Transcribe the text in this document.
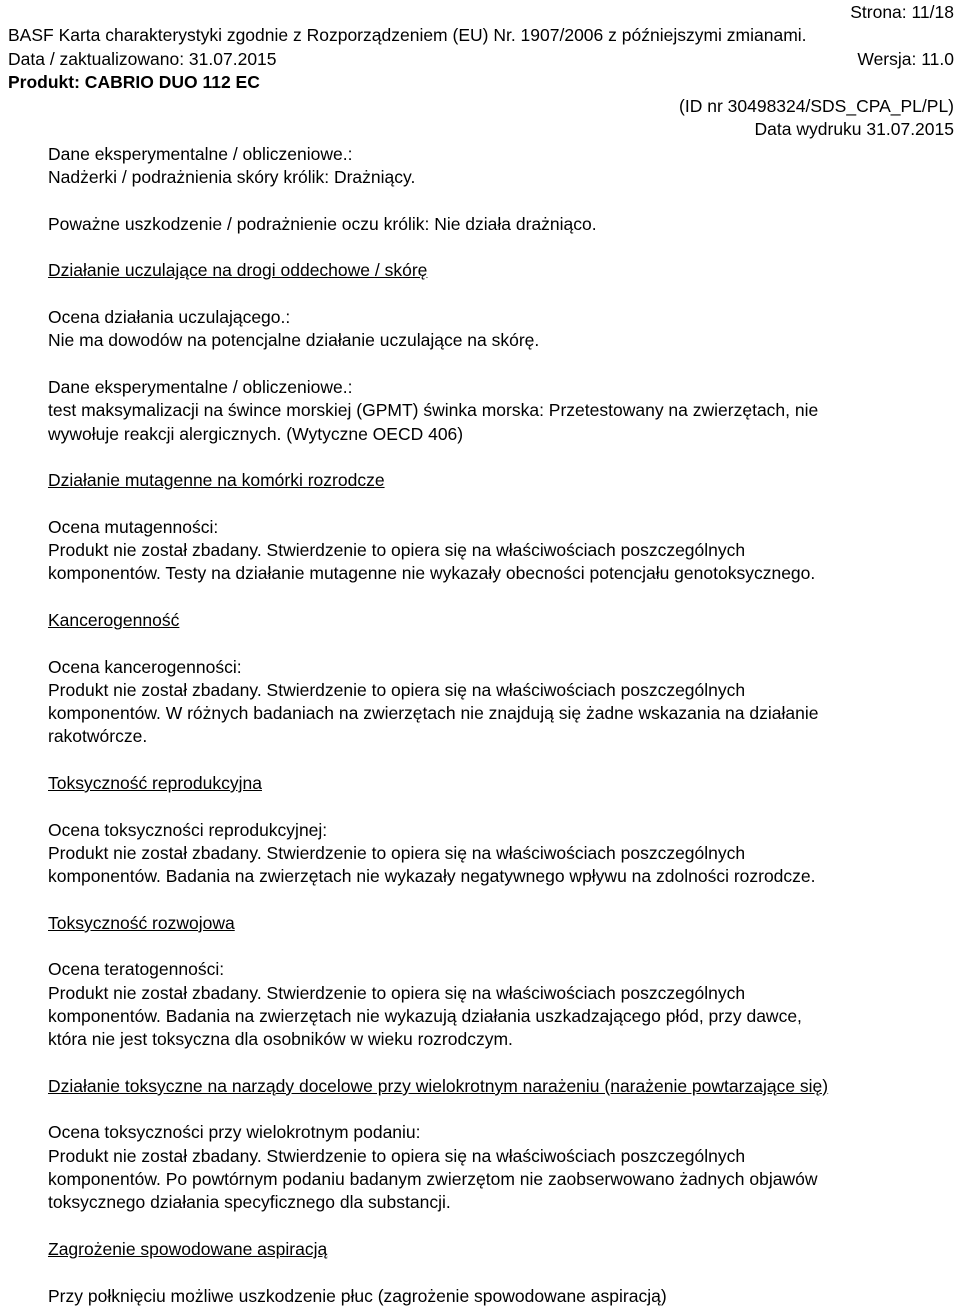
Strona: 11/18
BASF Karta charakterystyki zgodnie z Rozporządzeniem (EU) Nr. 1907/2006 z późniejszymi zmianami.
Data / zaktualizowano: 31.07.2015	Wersja: 11.0
Produkt: CABRIO DUO 112 EC
(ID nr 30498324/SDS_CPA_PL/PL)
Data wydruku 31.07.2015
Dane eksperymentalne / obliczeniowe.:
Nadżerki / podrażnienia skóry królik: Drażniący.
Poważne uszkodzenie / podrażnienie oczu królik: Nie działa drażniąco.
Działanie uczulające na drogi oddechowe / skórę
Ocena działania uczulającego.:
Nie ma dowodów na potencjalne działanie uczulające na skórę.
Dane eksperymentalne / obliczeniowe.:
test maksymalizacji na śwince morskiej (GPMT) świnka morska: Przetestowany na zwierzętach, nie
wywołuje reakcji alergicznych. (Wytyczne OECD 406)
Działanie mutagenne na komórki rozrodcze
Ocena mutagenności:
Produkt nie został zbadany. Stwierdzenie to opiera się na właściwościach poszczególnych
komponentów. Testy na działanie mutagenne nie wykazały obecności potencjału genotoksycznego.
Kancerogenność
Ocena kancerogenności:
Produkt nie został zbadany. Stwierdzenie to opiera się na właściwościach poszczególnych
komponentów. W różnych badaniach na zwierzętach nie znajdują się żadne wskazania na działanie
rakotwórcze.
Toksyczność reprodukcyjna
Ocena toksyczności reprodukcyjnej:
Produkt nie został zbadany. Stwierdzenie to opiera się na właściwościach poszczególnych
komponentów. Badania na zwierzętach nie wykazały negatywnego wpływu na zdolności rozrodcze.
Toksyczność rozwojowa
Ocena teratogenności:
Produkt nie został zbadany. Stwierdzenie to opiera się na właściwościach poszczególnych
komponentów. Badania na zwierzętach nie wykazują działania uszkadzającego płód, przy dawce,
która nie jest toksyczna dla osobników w wieku rozrodczym.
Działanie toksyczne na narządy docelowe przy wielokrotnym narażeniu (narażenie powtarzające się)
Ocena toksyczności przy wielokrotnym podaniu:
Produkt nie został zbadany. Stwierdzenie to opiera się na właściwościach poszczególnych
komponentów. Po powtórnym podaniu badanym zwierzętom nie zaobserwowano żadnych objawów
toksycznego działania specyficznego dla substancji.
Zagrożenie spowodowane aspiracją
Przy połknięciu możliwe uszkodzenie płuc (zagrożenie spowodowane aspiracją)
